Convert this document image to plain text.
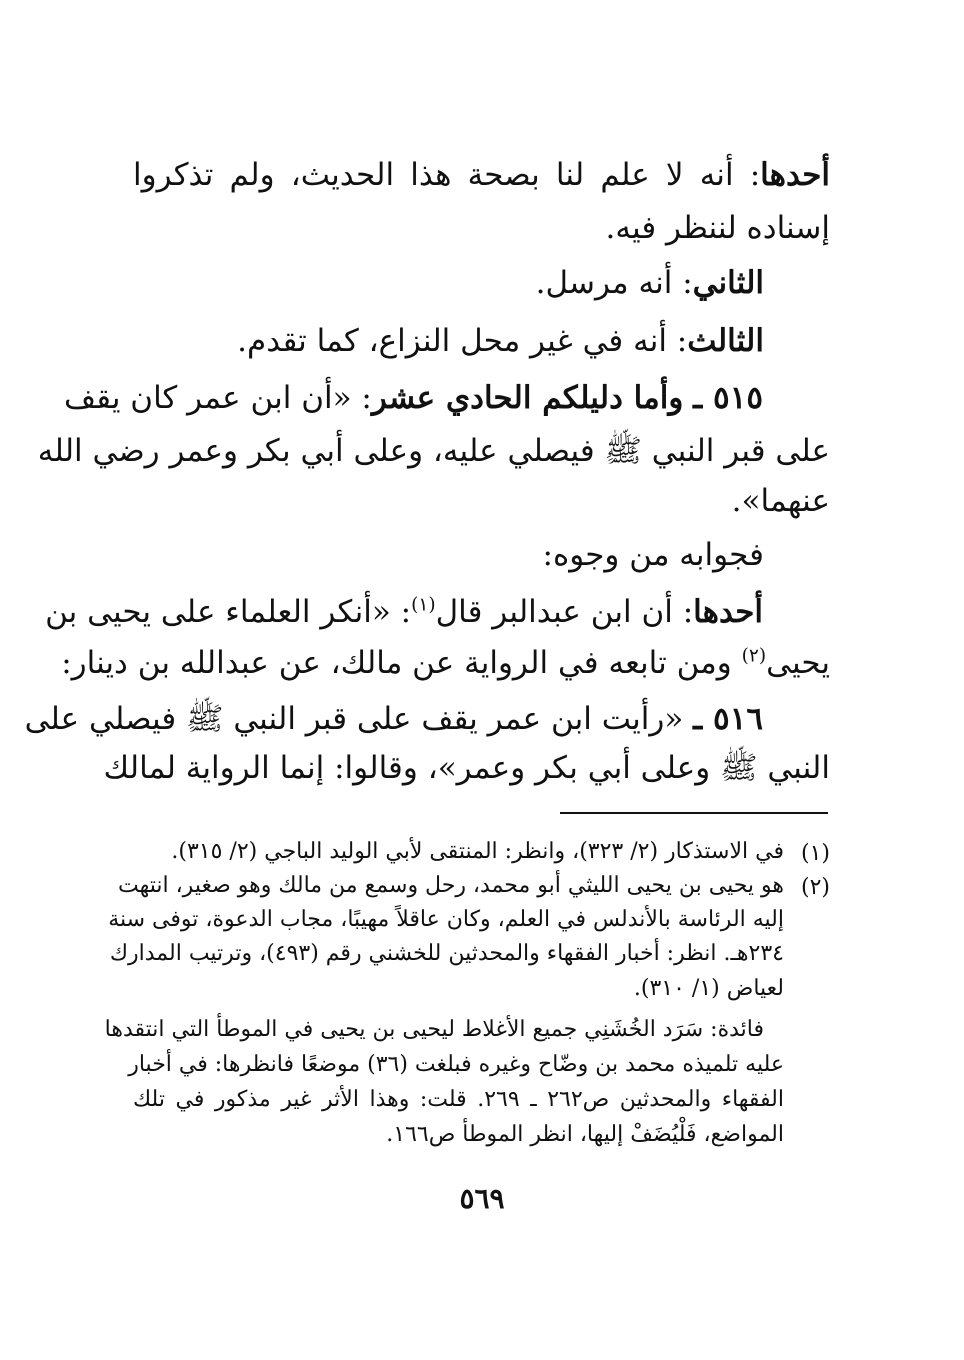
أحدها: أنه لا علم لنا بصحة هذا الحديث، ولم تذكروا
إسناده لننظر فيه.
الثاني: أنه مرسل.
الثالث: أنه في غير محل النزاع، كما تقدم.
٥١٥ ـ وأما دليلكم الحادي عشر: «أن ابن عمر كان يقف
على قبر النبي ﷺ فيصلي عليه، وعلى أبي بكر وعمر رضي الله
عنهما».
فجوابه من وجوه:
أحدها: أن ابن عبدالبر قال$^{(١)}$: «أنكر العلماء على يحيى بن
يحيى$^{(٢)}$ ومن تابعه في الرواية عن مالك، عن عبدالله بن دينار:
٥١٦ ـ «رأيت ابن عمر يقف على قبر النبي ﷺ فيصلي على
النبي ﷺ وعلى أبي بكر وعمر»، وقالوا: إنما الرواية لمالك
(١)
في الاستذكار (٢/ ٣٢٣)، وانظر: المنتقى لأبي الوليد الباجي (٢/ ٣١٥).
(٢)
هو يحيى بن يحيى الليثي أبو محمد، رحل وسمع من مالك وهو صغير، انتهت
إليه الرئاسة بالأندلس في العلم، وكان عاقلاً مهيبًا، مجاب الدعوة، توفى سنة
٢٣٤هـ. انظر: أخبار الفقهاء والمحدثين للخشني رقم (٤٩٣)، وترتيب المدارك
لعياض (١/ ٣١٠).
فائدة: سَرَد الخُشَنِي جميع الأغلاط ليحيى بن يحيى في الموطأ التي انتقدها
عليه تلميذه محمد بن وضّاح وغيره فبلغت (٣٦) موضعًا فانظرها: في أخبار
الفقهاء والمحدثين ص٢٦٢ ـ ٢٦٩. قلت: وهذا الأثر غير مذكور في تلك
المواضع، فَلْيُضَفْ إليها، انظر الموطأ ص١٦٦.
٥٦٩
